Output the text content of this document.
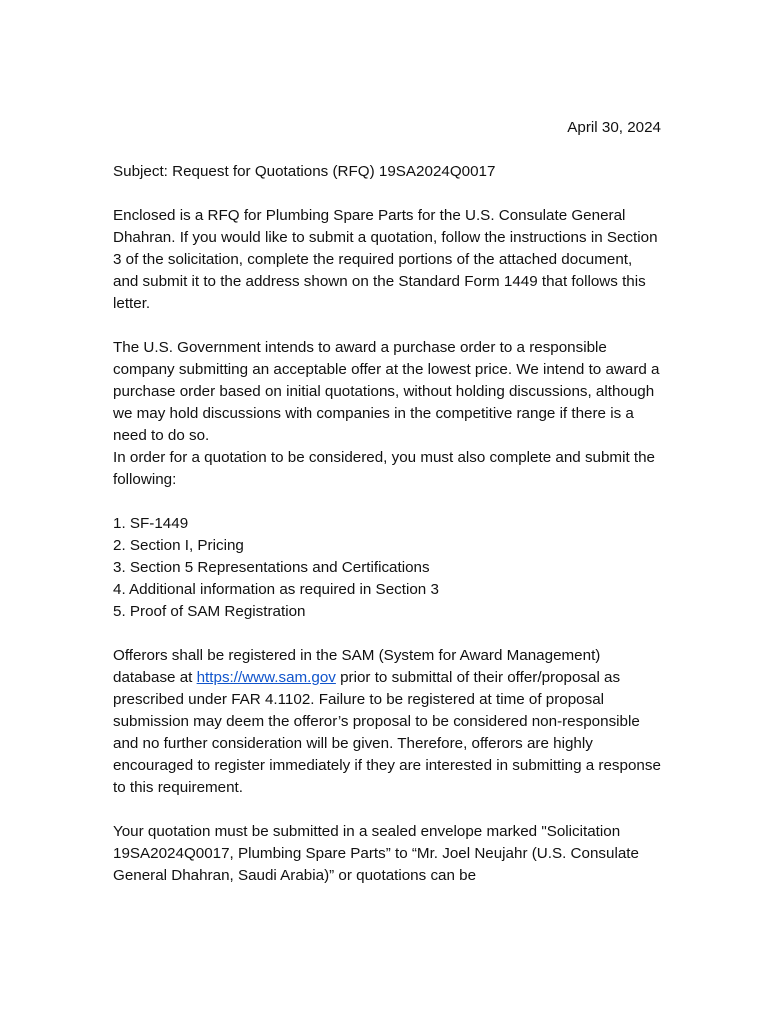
April 30, 2024

Subject: Request for Quotations (RFQ) 19SA2024Q0017

Enclosed is a RFQ for Plumbing Spare Parts for the U.S. Consulate General Dhahran. If you would like to submit a quotation, follow the instructions in Section 3 of the solicitation, complete the required portions of the attached document, and submit it to the address shown on the Standard Form 1449 that follows this letter.

The U.S. Government intends to award a purchase order to a responsible company submitting an acceptable offer at the lowest price. We intend to award a purchase order based on initial quotations, without holding discussions, although we may hold discussions with companies in the competitive range if there is a need to do so.

In order for a quotation to be considered, you must also complete and submit the following:

1. SF-1449
2. Section I, Pricing
3. Section 5 Representations and Certifications
4. Additional information as required in Section 3
5. Proof of SAM Registration

Offerors shall be registered in the SAM (System for Award Management) database at https://www.sam.gov prior to submittal of their offer/proposal as prescribed under FAR 4.1102. Failure to be registered at time of proposal submission may deem the offeror’s proposal to be considered non-responsible and no further consideration will be given. Therefore, offerors are highly encouraged to register immediately if they are interested in submitting a response to this requirement.

Your quotation must be submitted in a sealed envelope marked "Solicitation 19SA2024Q0017, Plumbing Spare Parts” to “Mr. Joel Neujahr (U.S. Consulate General Dhahran, Saudi Arabia)” or quotations can be
